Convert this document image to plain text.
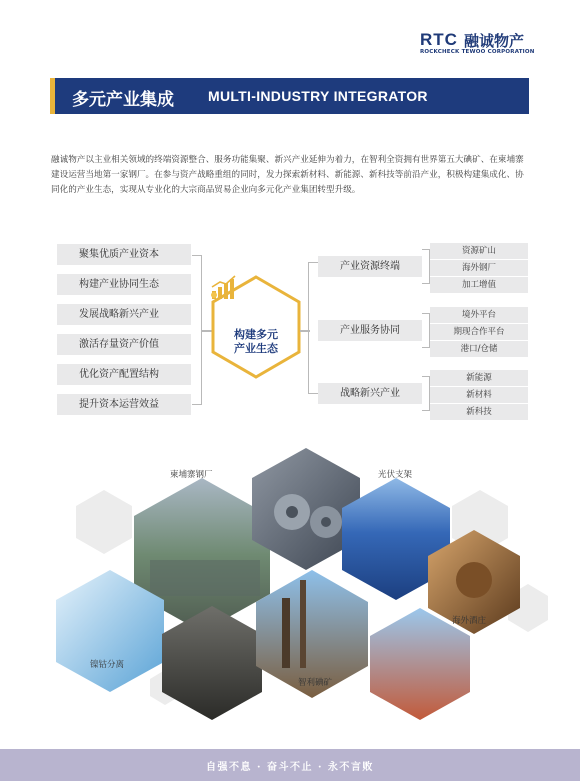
RTC 融诚物产
ROCKCHECK TEWOO CORPORATION
多元产业集成 MULTI-INDUSTRY INTEGRATOR

融诚物产以主业相关领域的终端资源整合、服务功能集聚、新兴产业延伸为着力，在智利全资拥有世界第五大碘矿、在柬埔寨建设运营当地第一家钢厂。在参与资产战略重组的同时，发力探索新材料、新能源、新科技等前沿产业，积极构建集成化、协同化的产业生态，实现从专业化的大宗商品贸易企业向多元化产业集团转型升级。

聚集优质产业资本
构建产业协同生态
发展战略新兴产业
激活存量资产价值
优化资产配置结构
提升资本运营效益
构建多元
产业生态
产业资源终端
产业服务协同
战略新兴产业
资源矿山
海外钢厂
加工增值
境外平台
期现合作平台
港口/仓储
新能源
新材料
新科技
柬埔寨钢厂	光伏支架
海外酒庄
镍钴分离
智利碘矿
自强不息 · 奋斗不止 · 永不言败
